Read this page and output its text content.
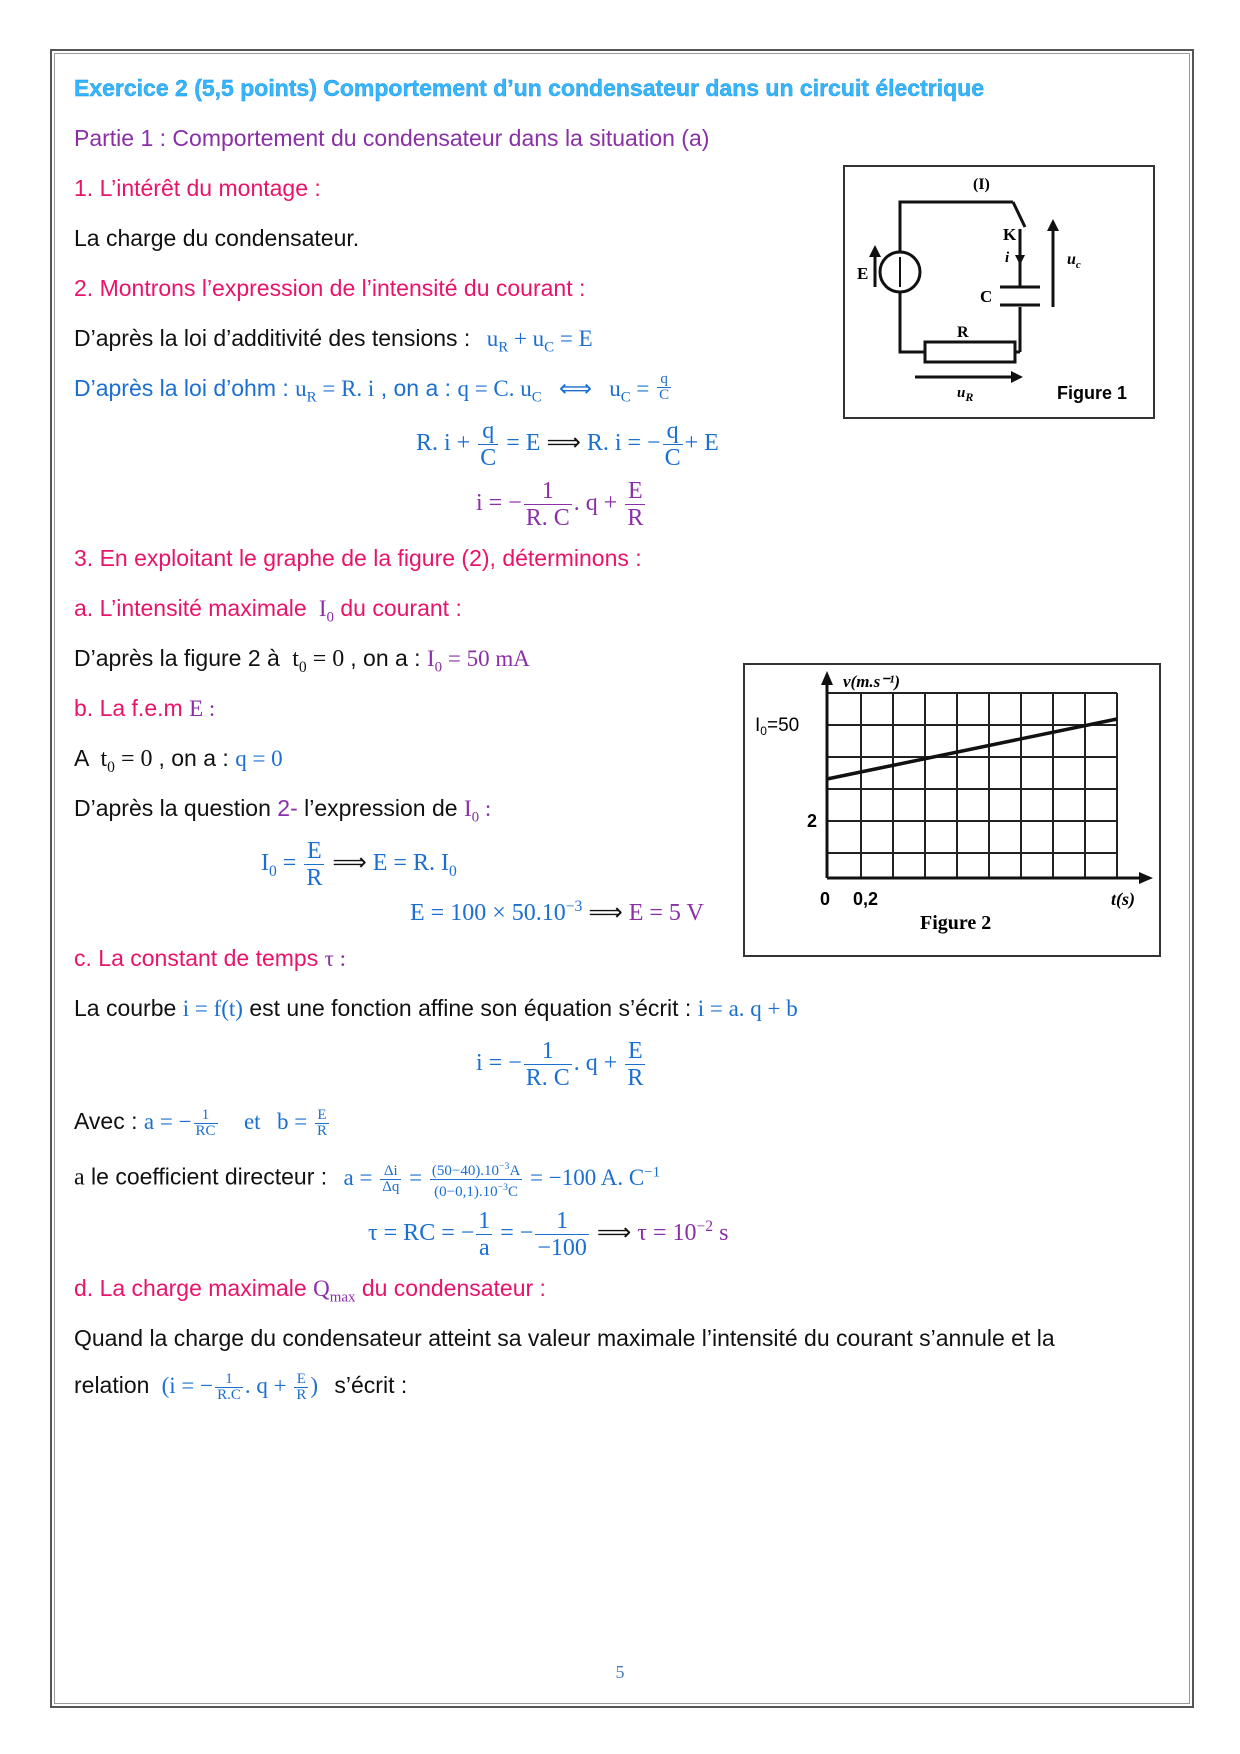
Exercice 2 (5,5 points) Comportement d’un condensateur dans un circuit électrique
Partie 1 : Comportement du condensateur dans la situation (a)
1. L’intérêt du montage :
La charge du condensateur.
2. Montrons l’expression de l’intensité du courant :
D’après la loi d’additivité des tensions : $u_R + u_C = E$
D’après la loi d’ohm : $u_R = R$. i , on a : q = C. $u_C$   ⟺   $u_C = \frac{q}{C}$
R. $i + \frac{q}{C} = E$ ⟹ R. i = − $\frac{q}{C} + E$
i = − $\frac{1}{R. C}$ . $q + \frac{E}{R}$
3. En exploitant le graphe de la figure (2), déterminons :
a. L’intensité maximale  $I_0$ du courant :
D’après la figure 2 à  $t_0 = 0$ , on a : $I_0 = 50$ mA
b. La f.e.m E :
A  $t_0 = 0$ , on a : q = 0
D’après la question 2- l’expression de $I_0$ :
$I_0 = \frac{E}{R}$ ⟹ E = R. $I_0$
$E = 100 \times 50.10^{-3}$ ⟹ E = 5 V
c. La constant de temps τ :
La courbe i = f(t) est une fonction affine son équation s’écrit : i = a. q + b
i = − $\frac{1}{R. C}$ . $q + \frac{E}{R}$
Avec : a = − $\frac{1}{RC}$ et $b = \frac{E}{R}$
a le coefficient directeur : $a = \frac{\Delta i}{\Delta q} = \frac{(50-40).10^{-3}A}{(0-0,1).10^{-3}C} = -100$ A. $C^{-1}$
τ = RC = − $\frac{1}{a}$ = − $\frac{1}{-100}$ ⟹ $\tau = 10^{-2}$ s
d. La charge maximale $Q_{max}$ du condensateur :
Quand la charge du condensateur atteint sa valeur maximale l’intensité du courant s’annule et la
relation  (i = − $\frac{1}{R.C}$ . $q + \frac{E}{R}$ ) s’écrit :
(I)
K
i
C
$u_c$
E
R
$u_R$	Figure 1
v(m.s⁻¹)
$I_0=50$
2
0 0,2	t(s)
Figure 2
5
